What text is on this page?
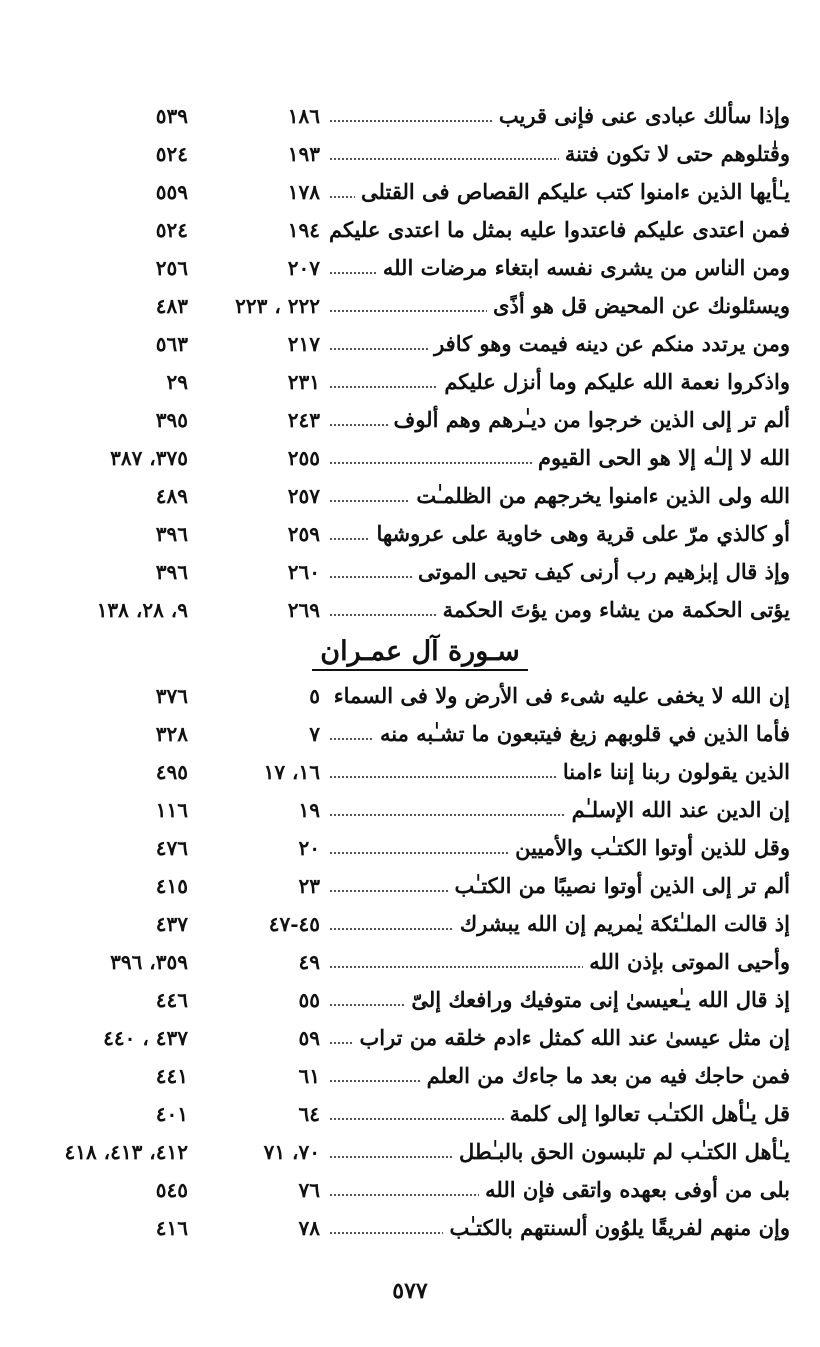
وإذا سألك عبادى عنى فإنى قريب
١٨٦
٥٣٩
وقٰتلوهم حتى لا تكون فتنة
١٩٣
٥٢٤
يـٰأيها الذين ءامنوا كتب عليكم القصاص فى القتلى
١٧٨
٥٥٩
فمن اعتدى عليكم فاعتدوا عليه بمثل ما اعتدى عليكم
١٩٤
٥٢٤
ومن الناس من يشرى نفسه ابتغاء مرضات الله
٢٠٧
٢٥٦
ويسئلونك عن المحيض قل هو أذًى
٢٢٢ ، ٢٢٣
٤٨٣
ومن يرتدد منكم عن دينه فيمت وهو كافر
٢١٧
٥٦٣
واذكروا نعمة الله عليكم وما أنزل عليكم
٢٣١
٢٩
ألم تر إلى الذين خرجوا من ديـٰرهم وهم ألوف
٢٤٣
٣٩٥
الله لا إلـٰه إلا هو الحى القيوم
٢٥٥
٣٧٥، ٣٨٧
الله ولى الذين ءامنوا يخرجهم من الظلمـٰت
٢٥٧
٤٨٩
أو كالذي مرّ على قرية وهى خاوية على عروشها
٢٥٩
٣٩٦
وإذ قال إبرٰهيم رب أرنى كيف تحيى الموتى
٢٦٠
٣٩٦
يؤتى الحكمة من يشاء ومن يؤتَ الحكمة
٢٦٩
٩، ٢٨، ١٣٨
سـورة آل عمـران
إن الله لا يخفى عليه شىء فى الأرض ولا فى السماء
٥
٣٧٦
فأما الذين في قلوبهم زيغ فيتبعون ما تشـٰبه منه
٧
٣٢٨
الذين يقولون ربنا إننا ءامنا
١٦، ١٧
٤٩٥
إن الدين عند الله الإسلـٰم
١٩
١١٦
وقل للذين أوتوا الكتـٰب والأميين
٢٠
٤٧٦
ألم تر إلى الذين أوتوا نصيبًا من الكتـٰب
٢٣
٤١٥
إذ قالت الملـٰئكة يٰمريم إن الله يبشرك
٤٥-٤٧
٤٣٧
وأحيى الموتى بإذن الله
٤٩
٣٥٩، ٣٩٦
إذ قال الله يـٰعيسىٰ إنى متوفيك ورافعك إلىّ
٥٥
٤٤٦
إن مثل عيسىٰ عند الله كمثل ءادم خلقه من تراب
٥٩
٤٣٧ ، ٤٤٠
فمن حاجك فيه من بعد ما جاءك من العلم
٦١
٤٤١
قل يـٰأهل الكتـٰب تعالوا إلى كلمة
٦٤
٤٠١
يـٰأهل الكتـٰب لم تلبسون الحق بالبـٰطل
٧٠، ٧١
٤١٢، ٤١٣، ٤١٨
بلى من أوفى بعهده واتقى فإن الله
٧٦
٥٤٥
وإن منهم لفريقًا يلوُون ألسنتهم بالكتـٰب
٧٨
٤١٦
٥٧٧
